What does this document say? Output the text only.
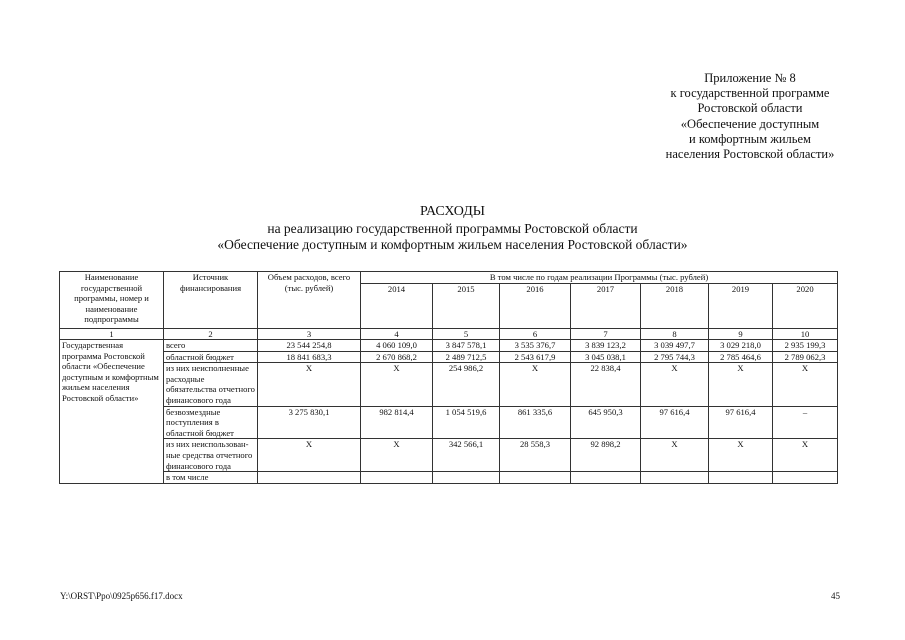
Приложение № 8
к государственной программе
Ростовской области
«Обеспечение доступным
и комфортным жильем
населения Ростовской области»
РАСХОДЫ
на реализацию государственной программы Ростовской области
«Обеспечение доступным и комфортным жильем населения Ростовской области»
Наименование государственной программы, номер и наименование подпрограммы	Источник финансирования	Объем расходов, всего (тыс. рублей)	В том числе по годам реализации Программы (тыс. рублей)						
			2014	2015	2016	2017	2018	2019	2020
1	2	3	4	5	6	7	8	9	10
Государственная программа Ростовской области «Обеспечение доступным и комфортным жильем населения Ростовской области»	всего	23 544 254,8	4 060 109,0	3 847 578,1	3 535 376,7	3 839 123,2	3 039 497,7	3 029 218,0	2 935 199,3
	областной бюджет	18 841 683,3	2 670 868,2	2 489 712,5	2 543 617,9	3 045 038,1	2 795 744,3	2 785 464,6	2 789 062,3
	из них неисполненные расходные обязательства отчетного финансового года	Х	Х	254 986,2	Х	22 838,4	Х	Х	Х
	безвозмездные поступления в областной бюджет	3 275 830,1	982 814,4	1 054 519,6	861 335,6	645 950,3	97 616,4	97 616,4	–
	из них неиспользован-ные средства отчетного финансового года	Х	Х	342 566,1	28 558,3	92 898,2	Х	Х	Х
	в том числе								
Y:\ORST\Ppo\0925p656.f17.docx	45
